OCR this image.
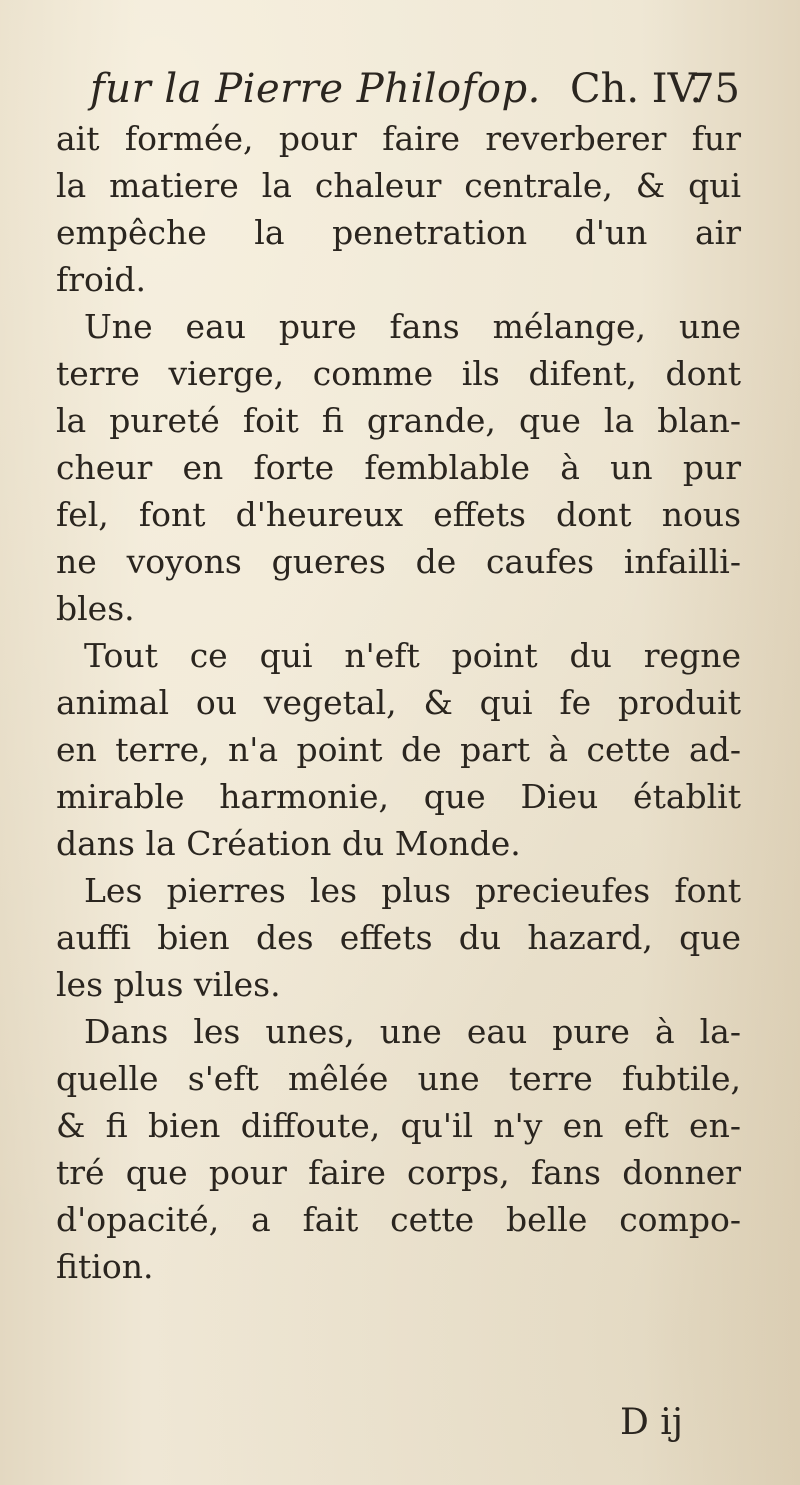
fur la Pierre Philofop. Ch. IV.
75
ait formée, pour faire reverberer fur
la matiere la chaleur centrale, & qui
empêche la penetration d'un air
froid.
Une eau pure fans mélange, une
terre vierge, comme ils difent, dont
la pureté foit fi grande, que la blan-
cheur en forte femblable à un pur
fel, font d'heureux effets dont nous
ne voyons gueres de caufes infailli-
bles.
Tout ce qui n'eft point du regne
animal ou vegetal, & qui fe produit
en terre, n'a point de part à cette ad-
mirable harmonie, que Dieu établit
dans la Création du Monde.
Les pierres les plus precieufes font
auffi bien des effets du hazard, que
les plus viles.
Dans les unes, une eau pure à la-
quelle s'eft mêlée une terre fubtile,
& fi bien diffoute, qu'il n'y en eft en-
tré que pour faire corps, fans donner
d'opacité, a fait cette belle compo-
fition.
D ij
